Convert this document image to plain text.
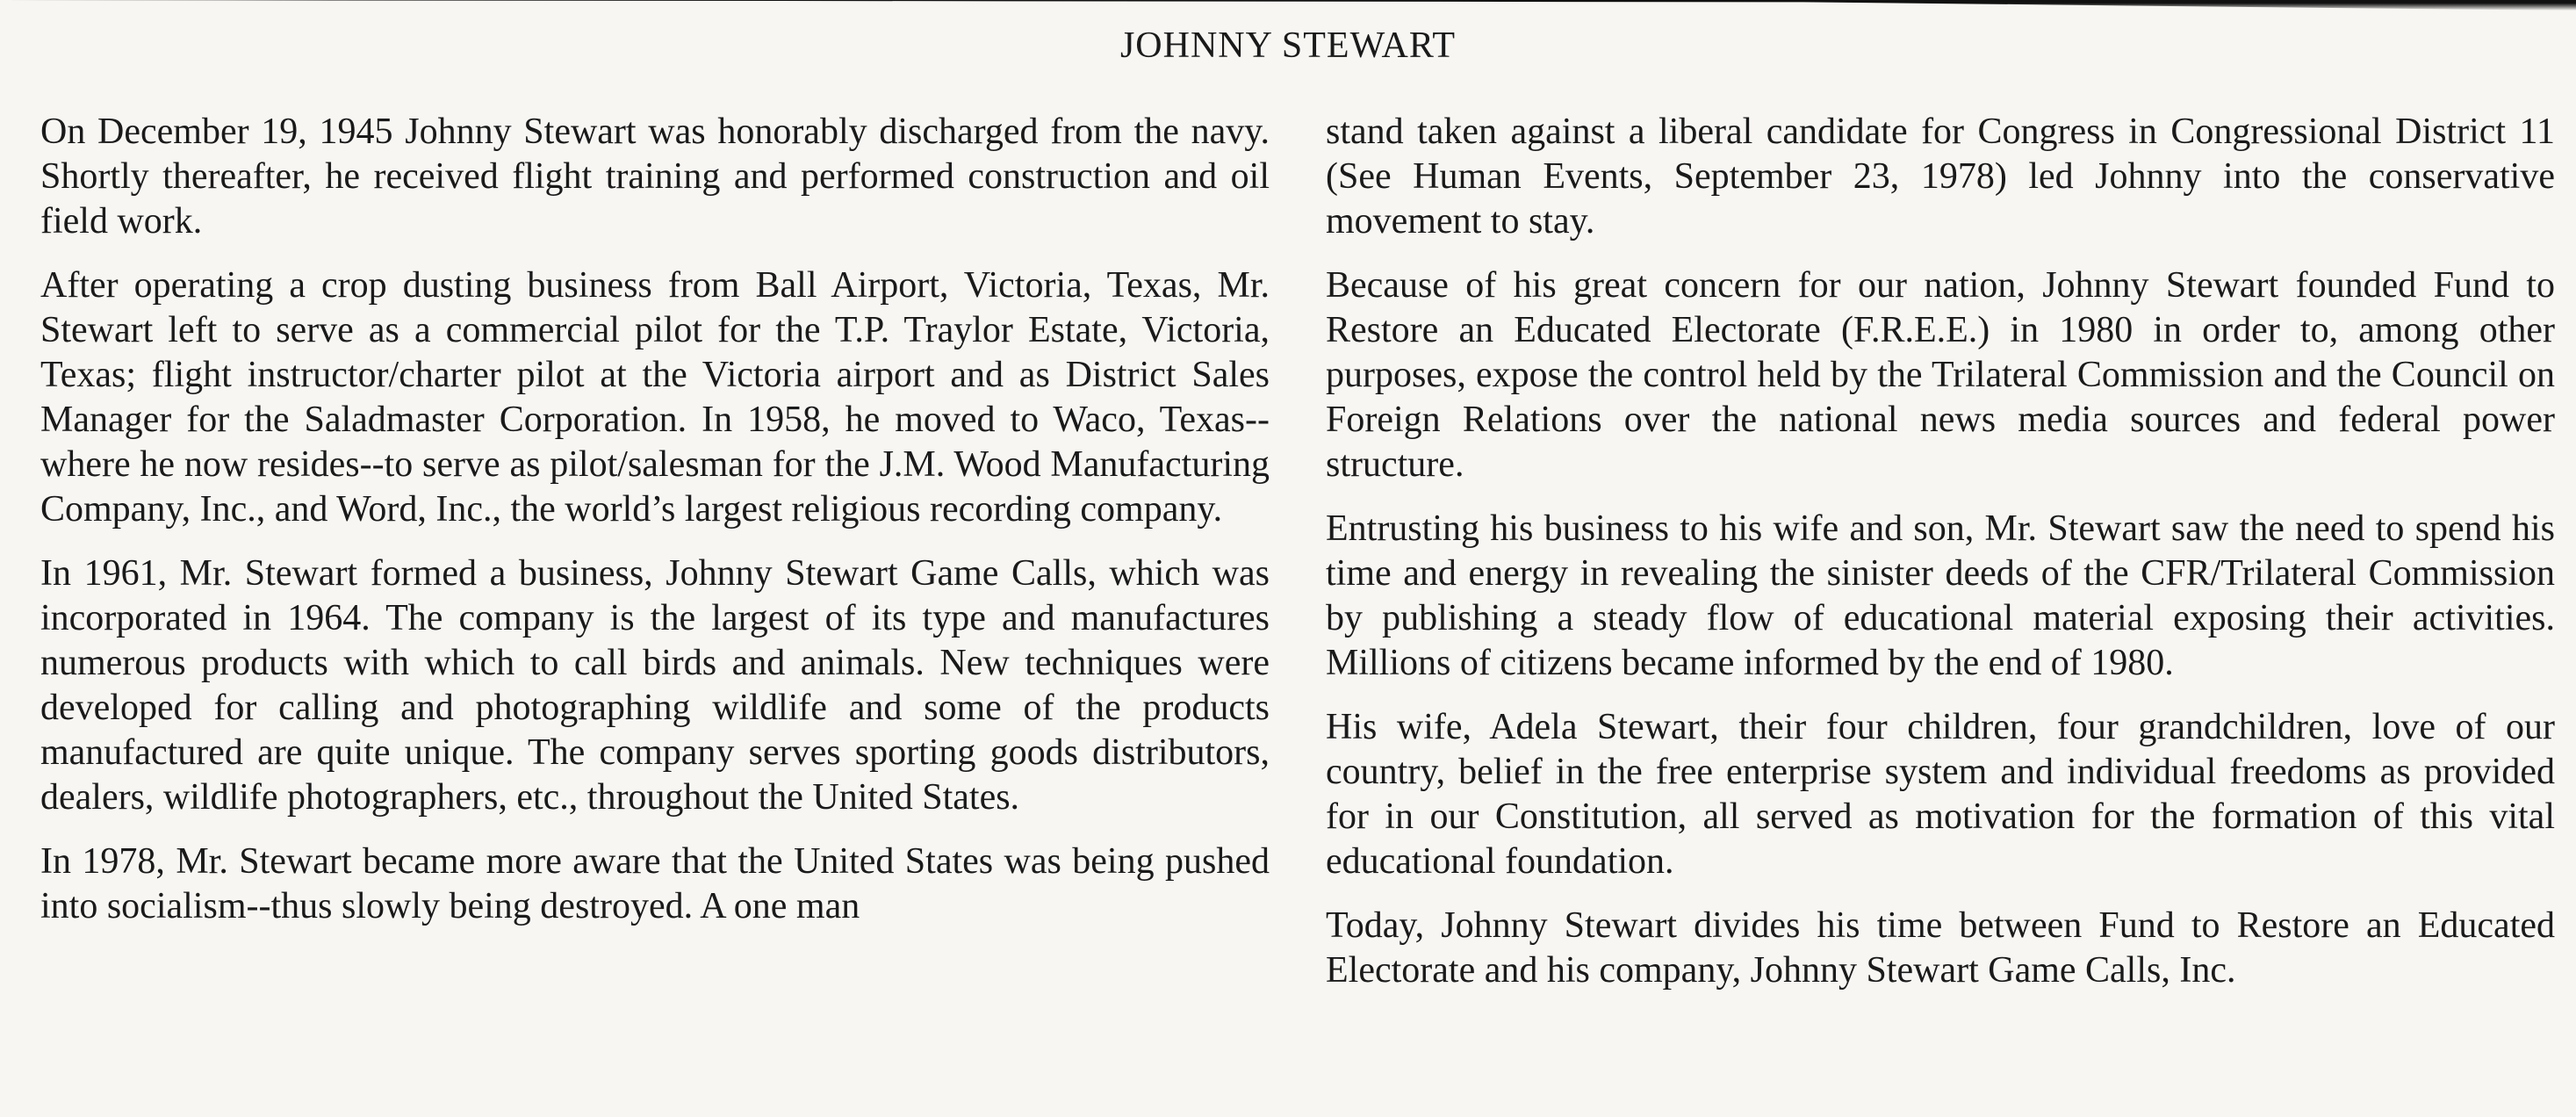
JOHNNY STEWART

On December 19, 1945 Johnny Stewart was honorably discharged from the navy. Shortly thereafter, he received flight training and performed construction and oil field work.

After operating a crop dusting business from Ball Airport, Victoria, Texas, Mr. Stewart left to serve as a commercial pilot for the T.P. Traylor Estate, Victoria, Texas; flight instructor/charter pilot at the Victoria airport and as District Sales Manager for the Saladmaster Corporation. In 1958, he moved to Waco, Texas--where he now resides--to serve as pilot/salesman for the J.M. Wood Manufacturing Company, Inc., and Word, Inc., the world’s largest religious recording company.

In 1961, Mr. Stewart formed a business, Johnny Stewart Game Calls, which was incorporated in 1964. The company is the largest of its type and manufactures numerous products with which to call birds and animals. New techniques were developed for calling and photographing wildlife and some of the products manufactured are quite unique. The company serves sporting goods distributors, dealers, wildlife photographers, etc., throughout the United States.

In 1978, Mr. Stewart became more aware that the United States was being pushed into socialism--thus slowly being destroyed. A one man

stand taken against a liberal candidate for Congress in Congressional District 11 (See Human Events, September 23, 1978) led Johnny into the conservative movement to stay.

Because of his great concern for our nation, Johnny Stewart founded Fund to Restore an Educated Electorate (F.R.E.E.) in 1980 in order to, among other purposes, expose the control held by the Trilateral Commission and the Council on Foreign Relations over the national news media sources and federal power structure.

Entrusting his business to his wife and son, Mr. Stewart saw the need to spend his time and energy in revealing the sinister deeds of the CFR/Trilateral Commission by publishing a steady flow of educational material exposing their activities. Millions of citizens became informed by the end of 1980.

His wife, Adela Stewart, their four children, four grandchildren, love of our country, belief in the free enterprise system and individual freedoms as provided for in our Constitution, all served as motivation for the formation of this vital educational foundation.

Today, Johnny Stewart divides his time between Fund to Restore an Educated Electorate and his company, Johnny Stewart Game Calls, Inc.
